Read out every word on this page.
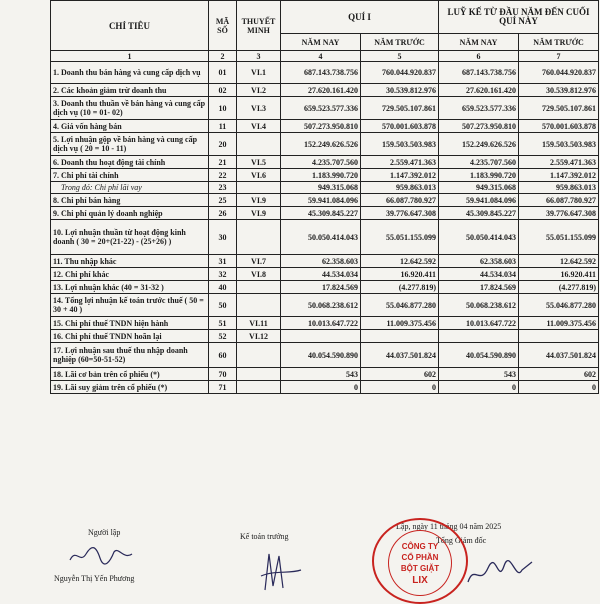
CHỈ TIÊU	MÃ SỐ	THUYẾT MINH	QUÍ I		LUỸ KẾ TỪ ĐẦU NĂM ĐẾN CUỐI QUÍ NÀY	
			NĂM NAY	NĂM TRƯỚC	NĂM NAY	NĂM TRƯỚC
1	2	3	4	5	6	7
1. Doanh thu bán hàng và cung cấp dịch vụ	01	VI.1	687.143.738.756	760.044.920.837	687.143.738.756	760.044.920.837
2. Các khoản giảm trừ doanh thu	02	VI.2	27.620.161.420	30.539.812.976	27.620.161.420	30.539.812.976
3. Doanh thu thuần về bán hàng và cung cấp dịch vụ (10 = 01- 02)	10	VI.3	659.523.577.336	729.505.107.861	659.523.577.336	729.505.107.861
4. Giá vốn hàng bán	11	VI.4	507.273.950.810	570.001.603.878	507.273.950.810	570.001.603.878
5. Lợi nhuận gộp về bán hàng và cung cấp dịch vụ ( 20 = 10 - 11)	20		152.249.626.526	159.503.503.983	152.249.626.526	159.503.503.983
6. Doanh thu hoạt động tài chính	21	VI.5	4.235.707.560	2.559.471.363	4.235.707.560	2.559.471.363
7. Chi phí tài chính	22	VI.6	1.183.990.720	1.147.392.012	1.183.990.720	1.147.392.012
Trong đó: Chi phí lãi vay	23		949.315.068	959.863.013	949.315.068	959.863.013
8. Chi phí bán hàng	25	VI.9	59.941.084.096	66.087.780.927	59.941.084.096	66.087.780.927
9. Chi phí quản lý doanh nghiệp	26	VI.9	45.309.845.227	39.776.647.308	45.309.845.227	39.776.647.308
10. Lợi nhuận thuần từ hoạt động kinh doanh ( 30 = 20+(21-22) - (25+26) )	30		50.050.414.043	55.051.155.099	50.050.414.043	55.051.155.099
11. Thu nhập khác	31	VI.7	62.358.603	12.642.592	62.358.603	12.642.592
12. Chi phí khác	32	VI.8	44.534.034	16.920.411	44.534.034	16.920.411
13. Lợi nhuận khác (40 = 31-32 )	40		17.824.569	(4.277.819)	17.824.569	(4.277.819)
14. Tổng lợi nhuận kế toán trước thuế ( 50 = 30 + 40 )	50		50.068.238.612	55.046.877.280	50.068.238.612	55.046.877.280
15. Chi phí thuế TNDN hiện hành	51	VI.11	10.013.647.722	11.009.375.456	10.013.647.722	11.009.375.456
16. Chi phí thuế TNDN hoãn lại	52	VI.12				
17. Lợi nhuận sau thuế thu nhập doanh nghiệp (60=50-51-52)	60		40.054.590.890	44.037.501.824	40.054.590.890	44.037.501.824
18. Lãi cơ bản trên cổ phiếu (*)	70		543	602	543	602
19. Lãi suy giảm trên cổ phiếu (*)	71		0	0	0	0
Người lập
Nguyễn Thị Yến Phương
Kế toán trưởng
Lập, ngày 11 tháng 04 năm 2025
Tổng Giám đốc
CÔNG TY
CỔ PHẦN
BỘT GIẶT
LIX
